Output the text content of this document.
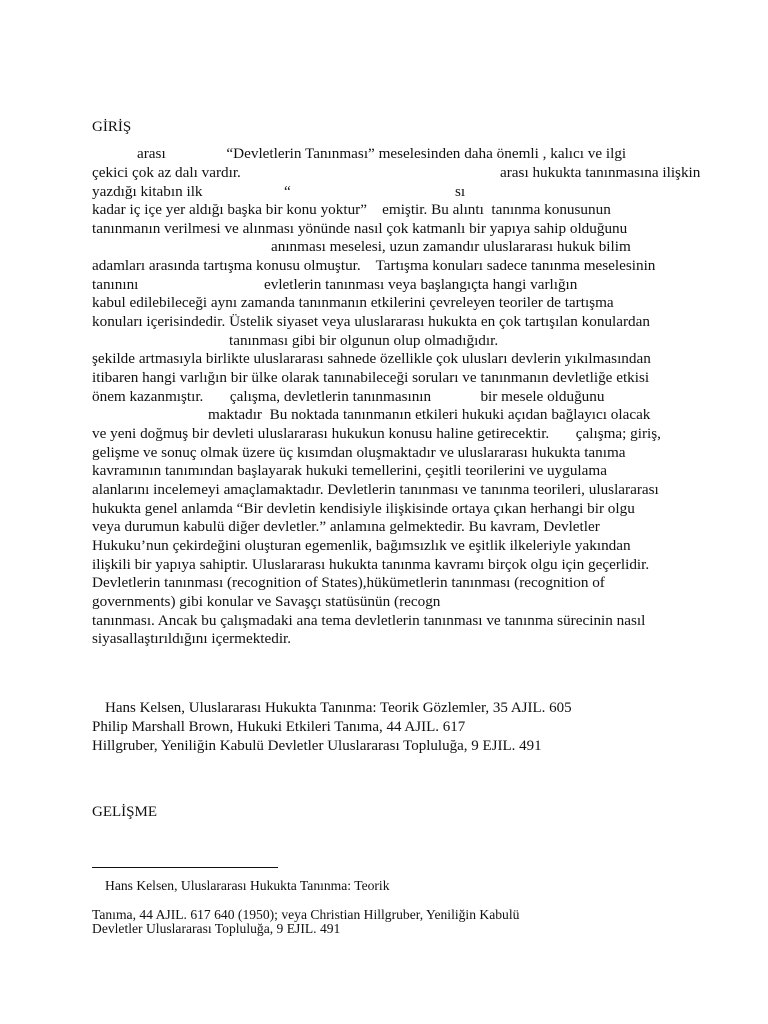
GİRİŞ
arası                “Devletlerin Tanınması” meselesinden daha önemli , kalıcı ve ilgi
çekici çok az dalı vardır.	arası hukukta tanınmasına ilişkin
yazdığı kitabın ilk	“	sı
kadar iç içe yer aldığı başka bir konu yoktur”    emiştir. Bu alıntı  tanınma konusunun
tanınmanın verilmesi ve alınması yönünde nasıl çok katmanlı bir yapıya sahip olduğunu
anınması meselesi, uzun zamandır uluslararası hukuk bilim
adamları arasında tartışma konusu olmuştur.    Tartışma konuları sadece tanınma meselesinin
tanınını	evletlerin tanınması veya başlangıçta hangi varlığın
kabul edilebileceği aynı zamanda tanınmanın etkilerini çevreleyen teoriler de tartışma
konuları içerisindedir. Üstelik siyaset veya uluslararası hukukta en çok tartışılan konulardan
tanınması gibi bir olgunun olup olmadığıdır.
şekilde artmasıyla birlikte uluslararası sahnede özellikle çok ulusları devlerin yıkılmasından
itibaren hangi varlığın bir ülke olarak tanınabileceği soruları ve tanınmanın devletliğe etkisi
önem kazanmıştır.       çalışma, devletlerin tanınmasının             bir mesele olduğunu
maktadır  Bu noktada tanınmanın etkileri hukuki açıdan bağlayıcı olacak
ve yeni doğmuş bir devleti uluslararası hukukun konusu haline getirecektir.       çalışma; giriş,
gelişme ve sonuç olmak üzere üç kısımdan oluşmaktadır ve uluslararası hukukta tanıma
kavramının tanımından başlayarak hukuki temellerini, çeşitli teorilerini ve uygulama
alanlarını incelemeyi amaçlamaktadır. Devletlerin tanınması ve tanınma teorileri, uluslararası
hukukta genel anlamda “Bir devletin kendisiyle ilişkisinde ortaya çıkan herhangi bir olgu
veya durumun kabulü diğer devletler.” anlamına gelmektedir. Bu kavram, Devletler
Hukuku’nun çekirdeğini oluşturan egemenlik, bağımsızlık ve eşitlik ilkeleriyle yakından
ilişkili bir yapıya sahiptir. Uluslararası hukukta tanınma kavramı birçok olgu için geçerlidir.
Devletlerin tanınması (recognition of States),hükümetlerin tanınması (recognition of
governments) gibi konular ve Savaşçı statüsünün (recogn
tanınması. Ancak bu çalışmadaki ana tema devletlerin tanınması ve tanınma sürecinin nasıl
siyasallaştırıldığını içermektedir.
Hans Kelsen, Uluslararası Hukukta Tanınma: Teorik Gözlemler, 35 AJIL. 605
Philip Marshall Brown, Hukuki Etkileri Tanıma, 44 AJIL. 617
Hillgruber, Yeniliğin Kabulü Devletler Uluslararası Topluluğa, 9 EJIL. 491
GELİŞME
Hans Kelsen, Uluslararası Hukukta Tanınma: Teorik
Tanıma, 44 AJIL. 617 640 (1950); veya Christian Hillgruber, Yeniliğin Kabulü
Devletler Uluslararası Topluluğa, 9 EJIL. 491
